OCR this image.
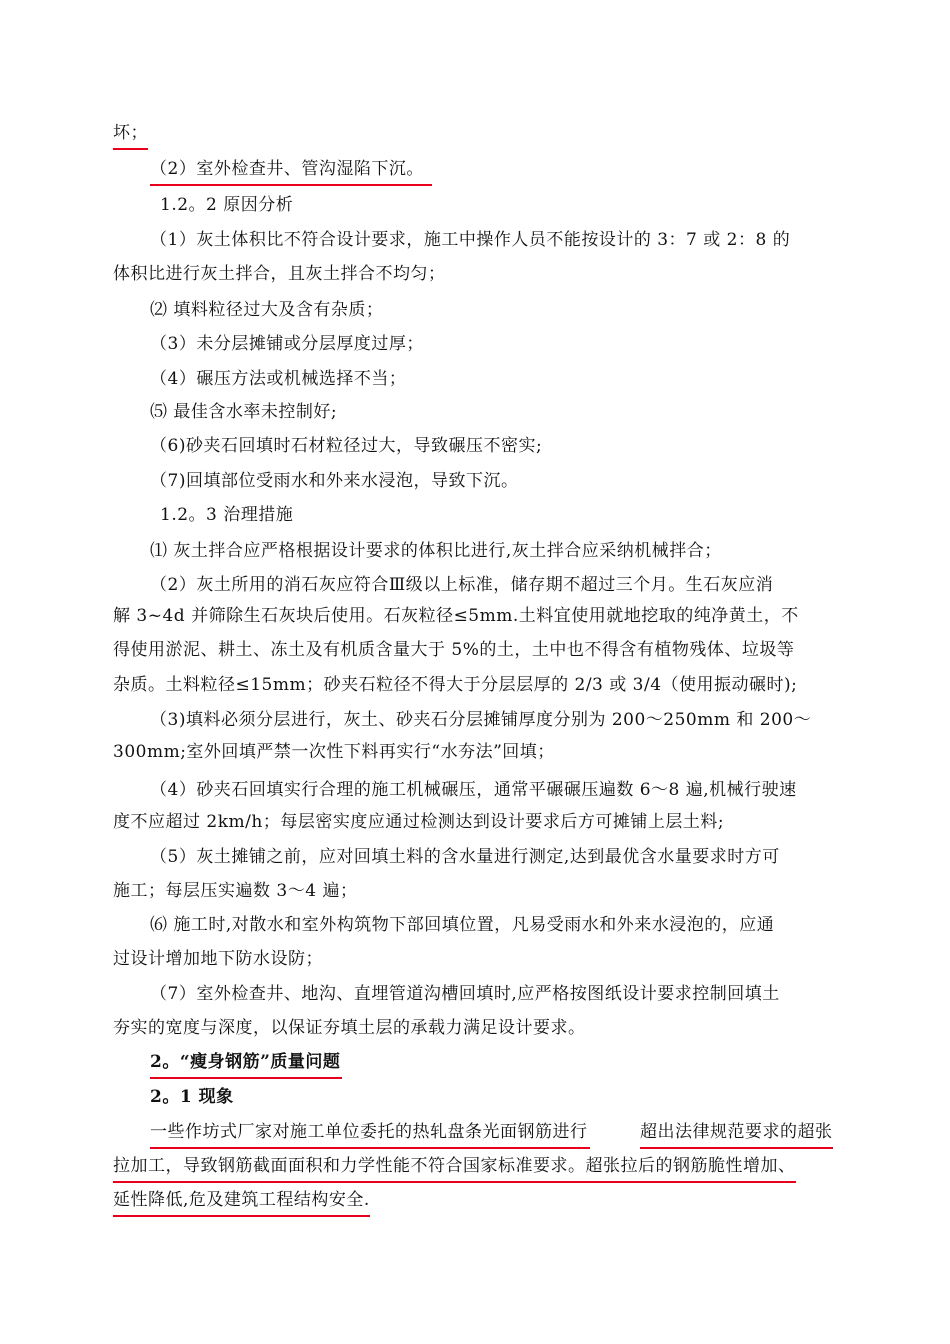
坏；
（2）室外检查井、管沟湿陷下沉。
1.2。2 原因分析
（1）灰土体积比不符合设计要求，施工中操作人员不能按设计的 3：7 或 2：8 的
体积比进行灰土拌合，且灰土拌合不均匀；
⑵ 填料粒径过大及含有杂质；
（3）未分层摊铺或分层厚度过厚；
（4）碾压方法或机械选择不当；
⑸ 最佳含水率未控制好;
（6)砂夹石回填时石材粒径过大，导致碾压不密实;
（7)回填部位受雨水和外来水浸泡，导致下沉。
1.2。3 治理措施
⑴ 灰土拌合应严格根据设计要求的体积比进行,灰土拌合应采纳机械拌合；
（2）灰土所用的消石灰应符合Ⅲ级以上标准，储存期不超过三个月。生石灰应消
解 3~4d 并筛除生石灰块后使用。石灰粒径≤5mm.土料宜使用就地挖取的纯净黄土，不
得使用淤泥、耕土、冻土及有机质含量大于 5%的土，土中也不得含有植物残体、垃圾等
杂质。土料粒径≤15mm；砂夹石粒径不得大于分层层厚的 2/3 或 3/4（使用振动碾时);
（3)填料必须分层进行，灰土、砂夹石分层摊铺厚度分别为 200～250mm 和 200～
300mm;室外回填严禁一次性下料再实行“水夯法”回填；
（4）砂夹石回填实行合理的施工机械碾压，通常平碾碾压遍数 6～8 遍,机械行驶速
度不应超过 2km/h；每层密实度应通过检测达到设计要求后方可摊铺上层土料;
（5）灰土摊铺之前，应对回填土料的含水量进行测定,达到最优含水量要求时方可
施工；每层压实遍数 3～4 遍；
⑹ 施工时,对散水和室外构筑物下部回填位置，凡易受雨水和外来水浸泡的，应通
过设计增加地下防水设防；
（7）室外检查井、地沟、直埋管道沟槽回填时,应严格按图纸设计要求控制回填土
夯实的宽度与深度，以保证夯填土层的承载力满足设计要求。
2。“瘦身钢筋”质量问题
2。1 现象
一些作坊式厂家对施工单位委托的热轧盘条光面钢筋进行	超出法律规范要求的超张
拉加工，导致钢筋截面面积和力学性能不符合国家标准要求。超张拉后的钢筋脆性增加、
延性降低,危及建筑工程结构安全.
